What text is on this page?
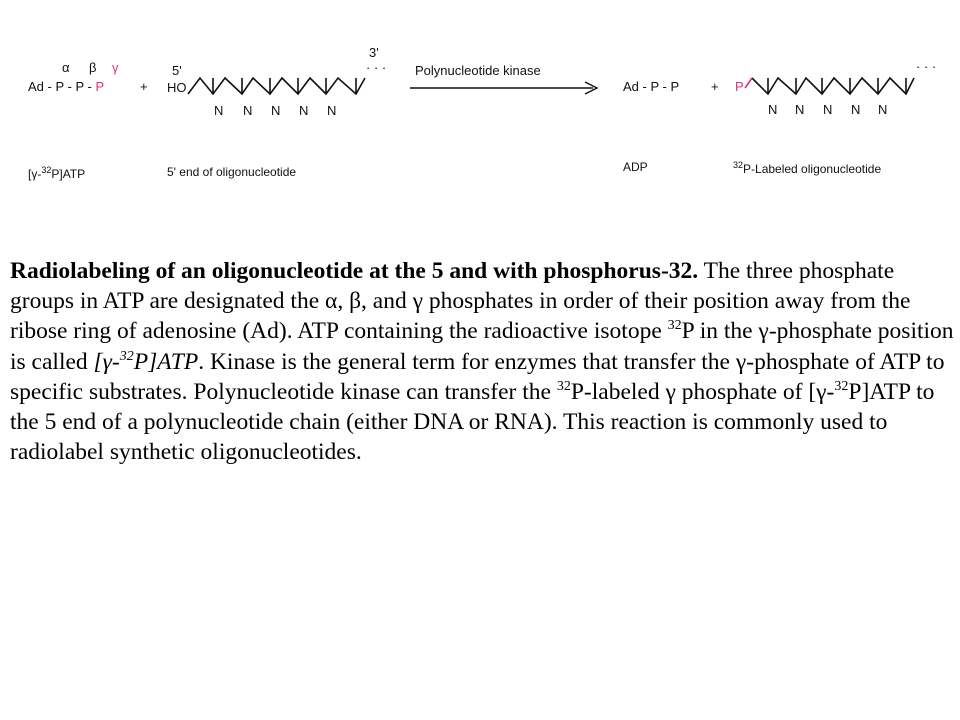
α β γ
Ad - P - P - P	+
5'
HO
3'
· · ·
N N N N N
Polynucleotide kinase
Ad - P - P + P
· · ·
N N N N N
[γ-$^{32}$P]ATP	5' end of oligonucleotide	ADP	$^{32}$P-Labeled oligonucleotide
Radiolabeling of an oligonucleotide at the 5 and with phosphorus-32. The three phosphate groups in ATP are designated the α, β, and γ phosphates in order of their position away from the ribose ring of adenosine (Ad). ATP containing the radioactive isotope $^{32}$P in the γ-phosphate position is called [γ-$^{32}$P]ATP. Kinase is the general term for enzymes that transfer the γ-phosphate of ATP to specific substrates. Polynucleotide kinase can transfer the $^{32}$P-labeled γ phosphate of [γ-$^{32}$P]ATP to the 5 end of a polynucleotide chain (either DNA or RNA). This reaction is commonly used to radiolabel synthetic oligonucleotides.
